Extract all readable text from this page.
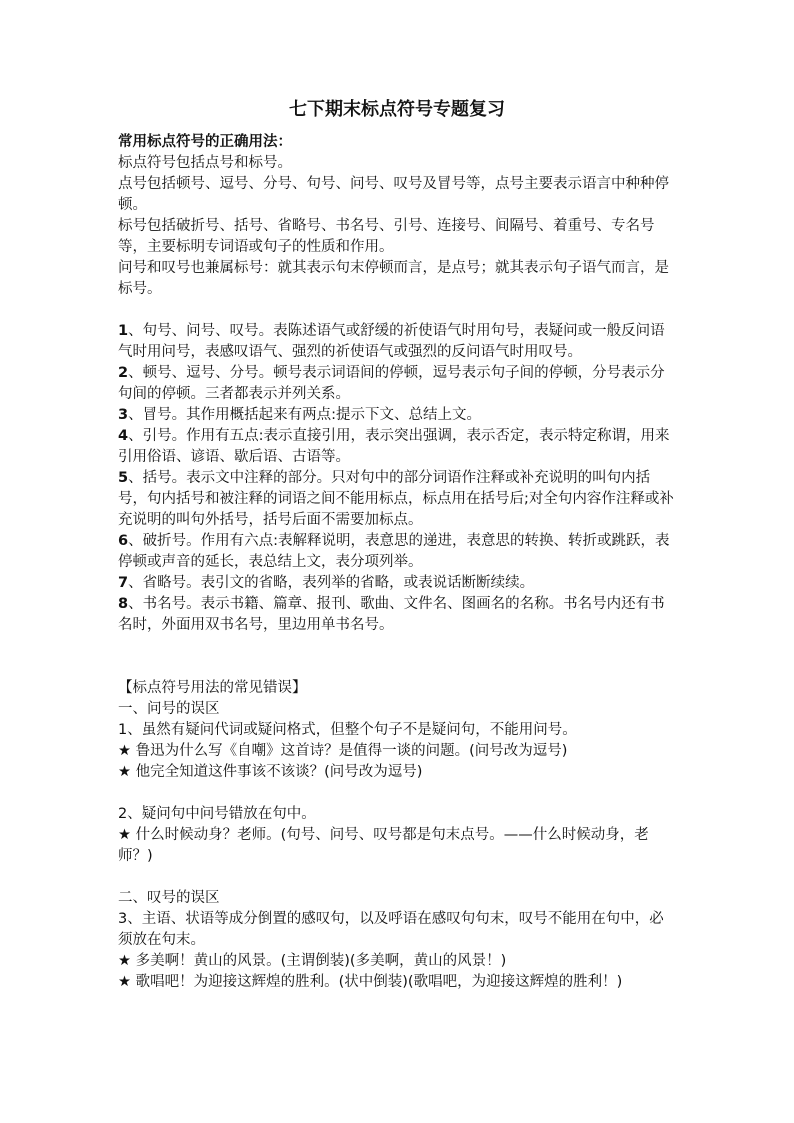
七下期末标点符号专题复习

常用标点符号的正确用法：

标点符号包括点号和标号。

点号包括顿号、逗号、分号、句号、问号、叹号及冒号等，点号主要表示语言中种种停顿。

标号包括破折号、括号、省略号、书名号、引号、连接号、间隔号、着重号、专名号等，主要标明专词语或句子的性质和作用。

问号和叹号也兼属标号：就其表示句末停顿而言，是点号；就其表示句子语气而言，是标号。

1、句号、问号、叹号。表陈述语气或舒缓的祈使语气时用句号，表疑问或一般反问语气时用问号，表感叹语气、强烈的祈使语气或强烈的反问语气时用叹号。

2、顿号、逗号、分号。顿号表示词语间的停顿，逗号表示句子间的停顿，分号表示分句间的停顿。三者都表示并列关系。

3、冒号。其作用概括起来有两点:提示下文、总结上文。

4、引号。作用有五点:表示直接引用，表示突出强调，表示否定，表示特定称谓，用来引用俗语、谚语、歇后语、古语等。

5、括号。表示文中注释的部分。只对句中的部分词语作注释或补充说明的叫句内括号，句内括号和被注释的词语之间不能用标点，标点用在括号后;对全句内容作注释或补充说明的叫句外括号，括号后面不需要加标点。

6、破折号。作用有六点:表解释说明，表意思的递进，表意思的转换、转折或跳跃，表停顿或声音的延长，表总结上文，表分项列举。

7、省略号。表引文的省略，表列举的省略，或表说话断断续续。

8、书名号。表示书籍、篇章、报刊、歌曲、文件名、图画名的名称。书名号内还有书名时，外面用双书名号，里边用单书名号。

【标点符号用法的常见错误】

一、问号的误区

1、虽然有疑问代词或疑问格式，但整个句子不是疑问句，不能用问号。

★ 鲁迅为什么写《自嘲》这首诗？是值得一谈的问题。(问号改为逗号)

★ 他完全知道这件事该不该谈？(问号改为逗号)

2、疑问句中问号错放在句中。

★ 什么时候动身？老师。(句号、问号、叹号都是句末点号。——什么时候动身，老师？)

二、叹号的误区

3、主语、状语等成分倒置的感叹句，以及呼语在感叹句句末，叹号不能用在句中，必须放在句末。

★ 多美啊！黄山的风景。(主谓倒装)(多美啊，黄山的风景！)

★ 歌唱吧！为迎接这辉煌的胜利。(状中倒装)(歌唱吧，为迎接这辉煌的胜利！)
